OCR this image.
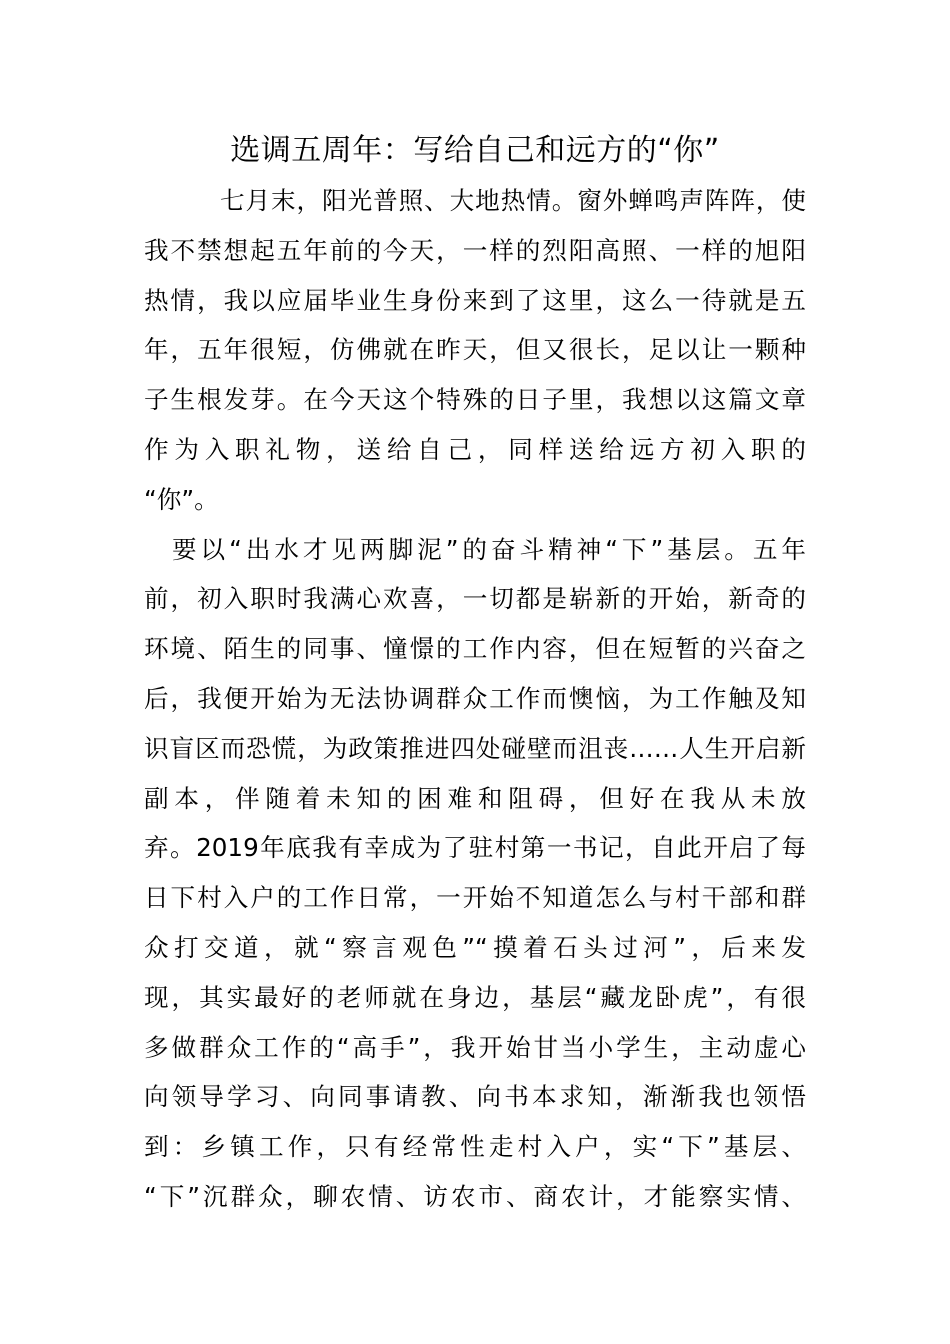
选调五周年：写给自己和远方的“你”
七月末，阳光普照、大地热情。窗外蝉鸣声阵阵，使
我不禁想起五年前的今天，一样的烈阳高照、一样的旭阳
热情，我以应届毕业生身份来到了这里，这么一待就是五
年，五年很短，仿佛就在昨天，但又很长，足以让一颗种
子生根发芽。在今天这个特殊的日子里，我想以这篇文章
作为入职礼物，送给自己，同样送给远方初入职的
“你”。
要以“出水才见两脚泥”的奋斗精神“下”基层。五年
前，初入职时我满心欢喜，一切都是崭新的开始，新奇的
环境、陌生的同事、憧憬的工作内容，但在短暂的兴奋之
后，我便开始为无法协调群众工作而懊恼，为工作触及知
识盲区而恐慌，为政策推进四处碰壁而沮丧……人生开启新
副本，伴随着未知的困难和阻碍，但好在我从未放
弃。2019年底我有幸成为了驻村第一书记，自此开启了每
日下村入户的工作日常，一开始不知道怎么与村干部和群
众打交道，就“察言观色”“摸着石头过河”，后来发
现，其实最好的老师就在身边，基层“藏龙卧虎”，有很
多做群众工作的“高手”，我开始甘当小学生，主动虚心
向领导学习、向同事请教、向书本求知，渐渐我也领悟
到：乡镇工作，只有经常性走村入户，实“下”基层、
“下”沉群众，聊农情、访农市、商农计，才能察实情、
